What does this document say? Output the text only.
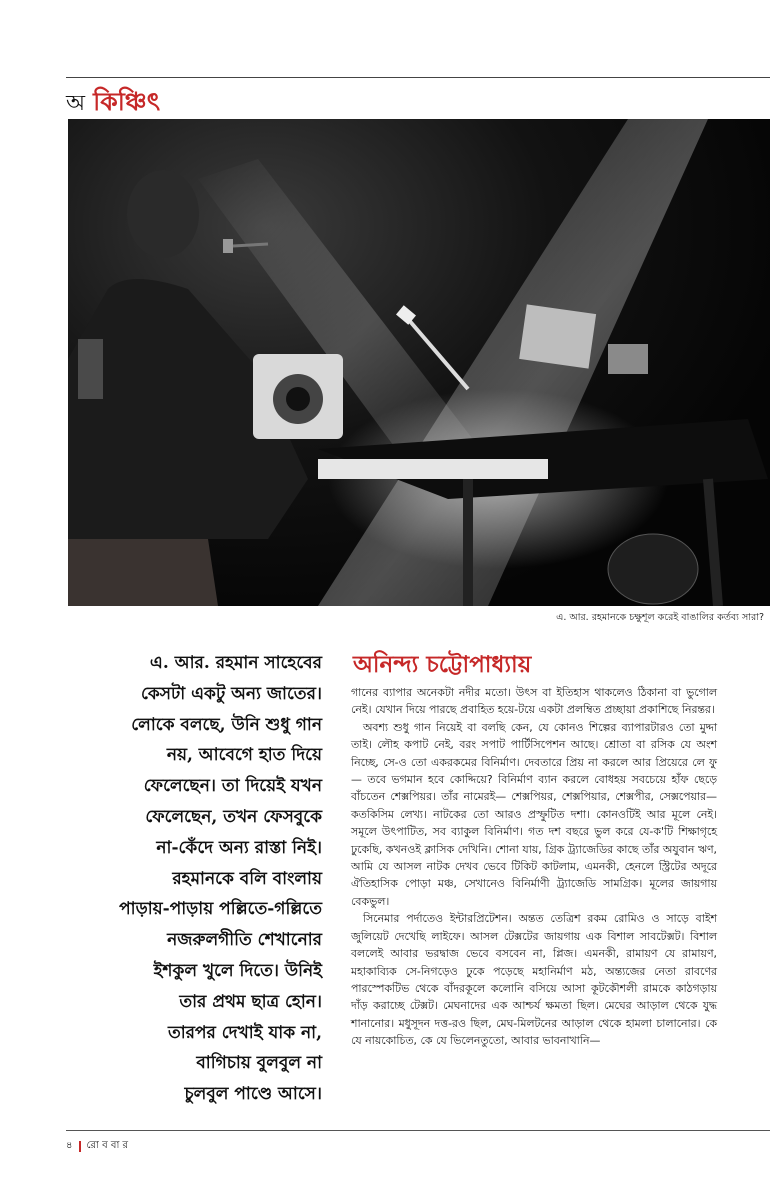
অ কিঞ্চিৎ
এ. আর. রহমানকে চক্ষুশূল করেই বাঙালির কর্তব্য সারা?
এ. আর. রহমান সাহেবের
কেসটা একটু অন্য জাতের।
লোকে বলছে, উনি শুধু গান
নয়, আবেগে হাত দিয়ে
ফেলেছেন। তা দিয়েই যখন
ফেলেছেন, তখন ফেসবুকে
না-কেঁদে অন্য রাস্তা নিই।
রহমানকে বলি বাংলায়
পাড়ায়-পাড়ায় পল্লিতে-গল্লিতে
নজরুলগীতি শেখানোর
ইশকুল খুলে দিতে। উনিই
তার প্রথম ছাত্র হোন।
তারপর দেখাই যাক না,
বাগিচায় বুলবুল না
চুলবুল পাণ্ডে আসে।
অনিন্দ্য চট্টোপাধ্যায়

গানের ব্যাপার অনেকটা নদীর মতো। উৎস বা ইতিহাস থাকলেও ঠিকানা বা ভুগোল নেই। যেখান দিয়ে পারছে প্রবাহিত হয়ে-টয়ে একটা প্রলম্বিত প্রচ্ছায়া প্রকাশিছে নিরন্তর।

অবশ্য শুধু গান নিয়েই বা বলছি কেন, যে কোনও শিল্পের ব্যাপারটারও তো মুদ্দা তাই। লৌহ কপাট নেই, বরং সপাট পার্টিসিপেশন আছে। শ্রোতা বা রসিক যে অংশ নিচ্ছে, সে-ও তো একরকমের বিনির্মাণ। দেবতারে প্রিয় না করলে আর প্রিয়েরে লে ফু— তবে ভগমান হবে কোদ্দিয়ে? বিনির্মাণ ব্যান করলে বোধহয় সবচেয়ে হাঁফ ছেড়ে বাঁচতেন শেক্সপিয়র। তাঁর নামেরই— শেক্সপিয়র, শেক্সপিয়ার, শেক্সপীর, সেক্সপেয়ার— কতকিসিম লেখ্য। নাটকের তো আরও প্রস্ফুটিত দশা। কোনওটিই আর মূলে নেই। সমূলে উৎপাটিত, সব ব্যাকুল বিনির্মাণ। গত দশ বছরে ভুল করে যে-ক'টি শিক্ষাগৃহে ঢুকেছি, কখনওই ক্লাসিক দেখিনি। শোনা যায়, গ্রিক ট্র্যাজেডির কাছে তাঁর অযুবান ঋণ, আমি যে আসল নাটক দেখব ভেবে টিকিট কাটলাম, এমনকী, হেনলে স্ট্রিটের অদূরে ঐতিহাসিক পোড়া মঞ্চ, সেখানেও বিনির্মাণী ট্র্যাজেডি সামগ্রিক। মূলের জায়গায় বেকভুল।

সিনেমার পর্দাতেও ইন্টারপ্রিটেশন। অন্তত তেত্রিশ রকম রোমিও ও সাড়ে বাইশ জুলিয়েট দেখেছি লাইফে। আসল টেক্সটের জায়গায় এক বিশাল সাবটেক্সট। বিশাল বললেই আবার ভরদ্বাজ ভেবে বসবেন না, প্লিজ। এমনকী, রামায়ণ যে রামায়ণ, মহাকাব্যিক সে-নিগড়েও ঢুকে পড়েছে মহানির্মাণ মঠ, অন্ত্যজের নেতা রাবণের পারস্পেকটিভ থেকে বাঁদরকূলে কলোনি বসিয়ে আসা কূটকৌশলী রামকে কাঠগড়ায় দাঁড় করাচ্ছে টেক্সট। মেঘনাদের এক আশ্চর্য ক্ষমতা ছিল। মেঘের আড়াল থেকে যুদ্ধ শানানোর। মধুসূদন দত্ত-রও ছিল, মেঘ-মিলটনের আড়াল থেকে হামলা চালানোর। কে যে নায়কোচিত, কে যে ভিলেনতুতো, আবার ভাবনাখানি—

৪ রো ব বা র
